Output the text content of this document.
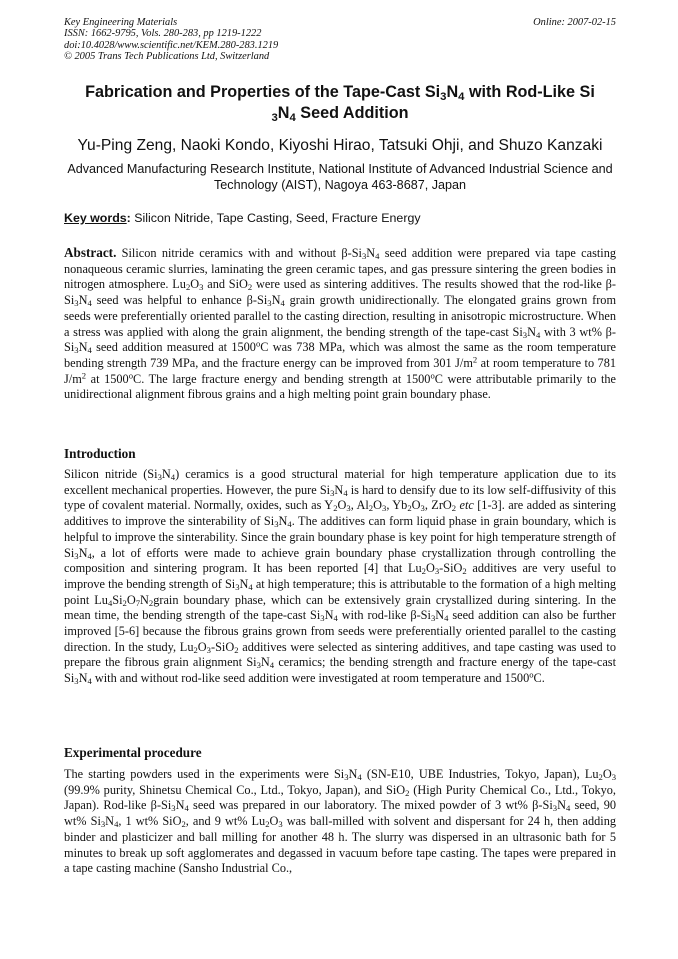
Key Engineering Materials
ISSN: 1662-9795, Vols. 280-283, pp 1219-1222
doi:10.4028/www.scientific.net/KEM.280-283.1219
© 2005 Trans Tech Publications Ltd, Switzerland
Online: 2007-02-15
Fabrication and Properties of the Tape-Cast $Si_3N_4$ with Rod-Like Si
$_3N_4$ Seed Addition
Yu-Ping Zeng, Naoki Kondo, Kiyoshi Hirao, Tatsuki Ohji, and Shuzo Kanzaki
Advanced Manufacturing Research Institute, National Institute of Advanced Industrial Science and Technology (AIST), Nagoya 463-8687, Japan
Key words: Silicon Nitride, Tape Casting, Seed, Fracture Energy
Abstract. Silicon nitride ceramics with and without $\beta-Si_3N_4$ seed addition were prepared via tape casting nonaqueous ceramic slurries, laminating the green ceramic tapes, and gas pressure sintering the green bodies in nitrogen atmosphere. $Lu_2O_3$ and SiO$_2$ were used as sintering additives. The results showed that the rod-like $\beta-Si_3N_4$ seed was helpful to enhance $\beta-Si_3N_4$ grain growth unidirectionally. The elongated grains grown from seeds were preferentially oriented parallel to the casting direction, resulting in anisotropic microstructure. When a stress was applied with along the grain alignment, the bending strength of the tape-cast $Si_3N_4$ with 3 wt% $\beta-Si_3N_4$ seed addition measured at 1500$^o$C was 738 MPa, which was almost the same as the room temperature bending strength 739 MPa, and the fracture energy can be improved from 301 $J/m^2$ at room temperature to 781 $J/m^2$ at 1500$^o$C. The large fracture energy and bending strength at 1500$^o$C were attributable primarily to the unidirectional alignment fibrous grains and a high melting point grain boundary phase.
Introduction
Silicon nitride $(Si_3N_4)$ ceramics is a good structural material for high temperature application due to its excellent mechanical properties. However, the pure $Si_3N_4$ is hard to densify due to its low self-diffusivity of this type of covalent material. Normally, oxides, such as $Y_2O_3$, $Al_2O_3$, $Yb_2O_3$, ZrO$_2$ etc [1-3]. are added as sintering additives to improve the sinterability of $Si_3N_4$. The additives can form liquid phase in grain boundary, which is helpful to improve the sinterability. Since the grain boundary phase is key point for high temperature strength of $Si_3N_4$, a lot of efforts were made to achieve grain boundary phase crystallization through controlling the composition and sintering program. It has been reported [4] that $Lu_2O_3-SiO_2$ additives are very useful to improve the bending strength of $Si_3N_4$ at high temperature; this is attributable to the formation of a high melting point $Lu_4Si_2O_7N_2grain$ boundary phase, which can be extensively grain crystallized during sintering. In the mean time, the bending strength of the tape-cast $Si_3N_4$ with rod-like $\beta-Si_3N_4$ seed addition can also be further improved [5-6] because the fibrous grains grown from seeds were preferentially oriented parallel to the casting direction. In the study, $Lu_2O_3-SiO_2$ additives were selected as sintering additives, and tape casting was used to prepare the fibrous grain alignment $Si_3N_4$ ceramics; the bending strength and fracture energy of the tape-cast $Si_3N_4$ with and without rod-like seed addition were investigated at room temperature and 1500$^o$C.
Experimental procedure
The starting powders used in the experiments were $Si_3N_4$ (SN-E10, UBE Industries, Tokyo, Japan), $Lu_2O_3$ (99.9% purity, Shinetsu Chemical Co., Ltd., Tokyo, Japan), and SiO$_2$ (High Purity Chemical Co., Ltd., Tokyo, Japan). Rod-like $\beta-Si_3N_4$ seed was prepared in our laboratory. The mixed powder of 3 wt% $\beta-Si_3N_4$ seed, 90 wt% $Si_3N_4$, 1 wt% SiO$_2$, and 9 wt% $Lu_2O_3$ was ball-milled with solvent and dispersant for 24 h, then adding binder and plasticizer and ball milling for another 48 h. The slurry was dispersed in an ultrasonic bath for 5 minutes to break up soft agglomerates and degassed in vacuum before tape casting. The tapes were prepared in a tape casting machine (Sansho Industrial Co.,
